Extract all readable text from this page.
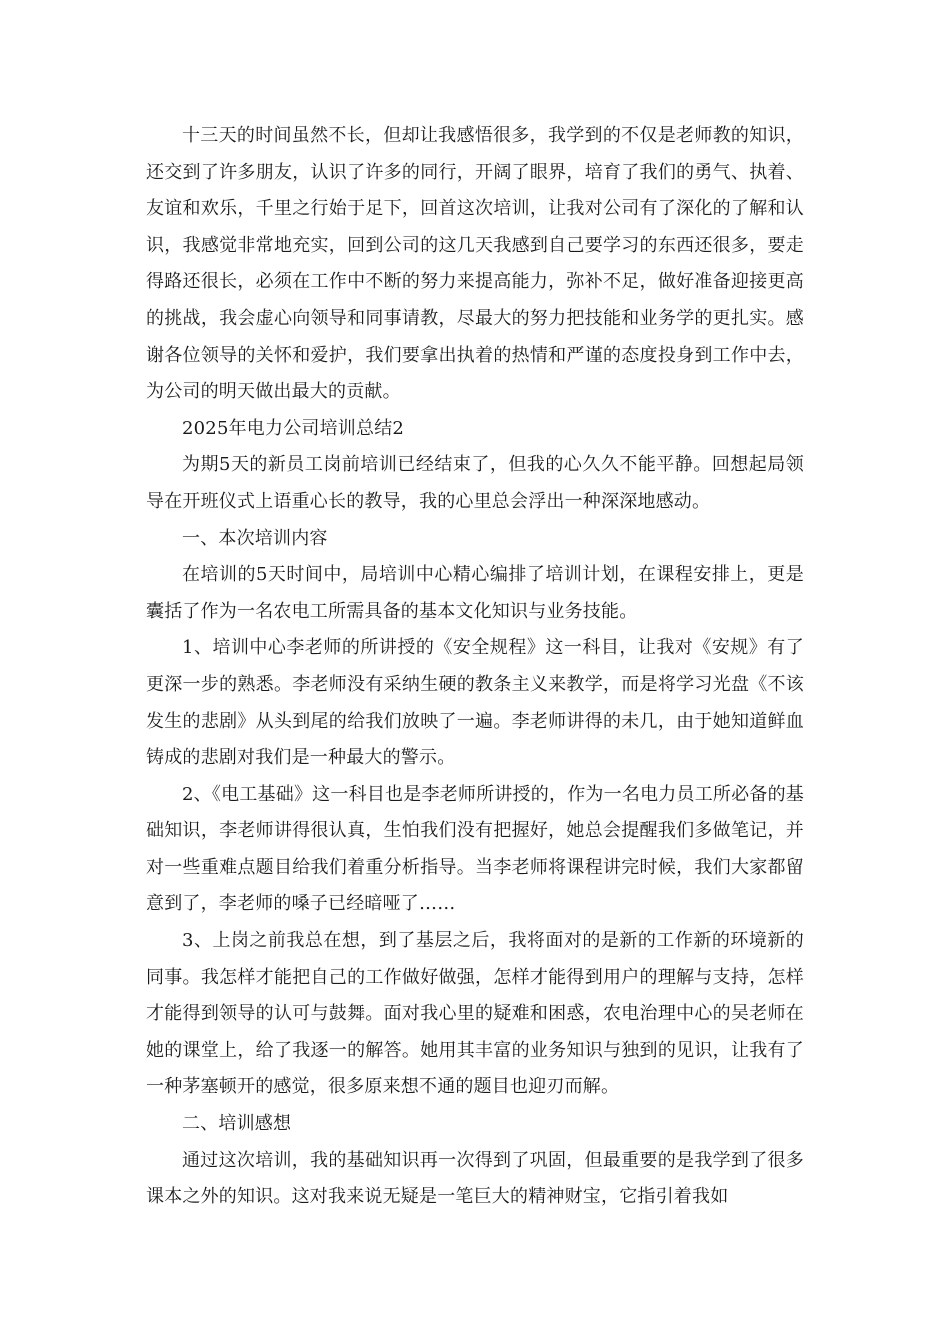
十三天的时间虽然不长，但却让我感悟很多，我学到的不仅是老师教的知识，还交到了许多朋友，认识了许多的同行，开阔了眼界，培育了我们的勇气、执着、友谊和欢乐，千里之行始于足下，回首这次培训，让我对公司有了深化的了解和认识，我感觉非常地充实，回到公司的这几天我感到自己要学习的东西还很多，要走得路还很长，必须在工作中不断的努力来提高能力，弥补不足，做好准备迎接更高的挑战，我会虚心向领导和同事请教，尽最大的努力把技能和业务学的更扎实。感谢各位领导的关怀和爱护，我们要拿出执着的热情和严谨的态度投身到工作中去，为公司的明天做出最大的贡献。

2025年电力公司培训总结2

为期5天的新员工岗前培训已经结束了，但我的心久久不能平静。回想起局领导在开班仪式上语重心长的教导，我的心里总会浮出一种深深地感动。

一、本次培训内容

在培训的5天时间中，局培训中心精心编排了培训计划，在课程安排上，更是囊括了作为一名农电工所需具备的基本文化知识与业务技能。

1、培训中心李老师的所讲授的《安全规程》这一科目，让我对《安规》有了更深一步的熟悉。李老师没有采纳生硬的教条主义来教学，而是将学习光盘《不该发生的悲剧》从头到尾的给我们放映了一遍。李老师讲得的未几，由于她知道鲜血铸成的悲剧对我们是一种最大的警示。

2、《电工基础》这一科目也是李老师所讲授的，作为一名电力员工所必备的基础知识，李老师讲得很认真，生怕我们没有把握好，她总会提醒我们多做笔记，并对一些重难点题目给我们着重分析指导。当李老师将课程讲完时候，我们大家都留意到了，李老师的嗓子已经暗哑了……

3、上岗之前我总在想，到了基层之后，我将面对的是新的工作新的环境新的同事。我怎样才能把自己的工作做好做强，怎样才能得到用户的理解与支持，怎样才能得到领导的认可与鼓舞。面对我心里的疑难和困惑，农电治理中心的吴老师在她的课堂上，给了我逐一的解答。她用其丰富的业务知识与独到的见识，让我有了一种茅塞顿开的感觉，很多原来想不通的题目也迎刃而解。

二、培训感想

通过这次培训，我的基础知识再一次得到了巩固，但最重要的是我学到了很多课本之外的知识。这对我来说无疑是一笔巨大的精神财宝，它指引着我如
